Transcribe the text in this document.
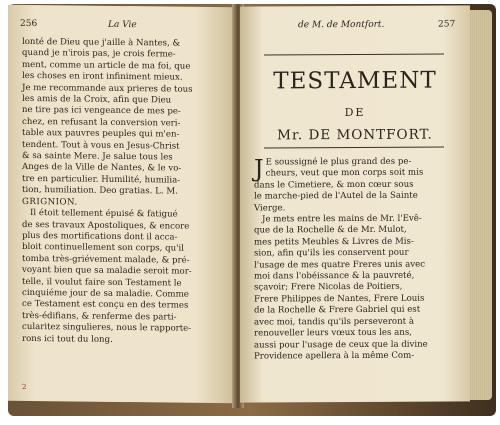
256	La Vie
lonté de Dieu que j'aille à Nantes, &
quand je n'irois pas, je crois ferme-
ment, comme un article de ma foi, que
les choses en iront infiniment mieux.
Je me recommande aux prieres de tous
les amis de la Croix, afin que Dieu
ne tire pas ici vengeance de mes pe-
chez, en refusant la conversion veri-
table aux pauvres peuples qui m'en-
tendent. Tout à vous en Jesus-Christ
& sa sainte Mere. Je salue tous les
Anges de la Ville de Nantes, & le vo-
tre en particulier. Humilité, humilia-
tion, humiliation. Deo gratias. L. M.
GRIGNION.
Il étoit tellement épuisé & fatigué
de ses travaux Apostoliques, & encore
plus des mortifications dont il acca-
bloit continuellement son corps, qu'il
tomba très-griévement malade, & pré-
voyant bien que sa maladie seroit mor-
telle, il voulut faire son Testament le
cinquiéme jour de sa maladie. Comme
ce Testament est conçu en des termes
très-édifians, & renferme des parti-
cularitez singulieres, nous le rapporte-
rons ici tout du long.
2
de M. de Montfort.	257
TESTAMENT
DE
Mr. DE MONTFORT.
J E soussigné le plus grand des pe-
cheurs, veut que mon corps soit mis
dans le Cimetiere, & mon cœur sous
le marche-pied de l'Autel de la Sainte
Vierge.
Je mets entre les mains de Mr. l'Evê-
que de la Rochelle & de Mr. Mulot,
mes petits Meubles & Livres de Mis-
sion, afin qu'ils les conservent pour
l'usage de mes quatre Freres unis avec
moi dans l'obéissance & la pauvreté,
sçavoir; Frere Nicolas de Poitiers,
Frere Philippes de Nantes, Frere Louis
de la Rochelle & Frere Gabriel qui est
avec moi, tandis qu'ils perseveront à
renouveller leurs vœux tous les ans,
aussi pour l'usage de ceux que la divine
Providence apellera à la même Com-
